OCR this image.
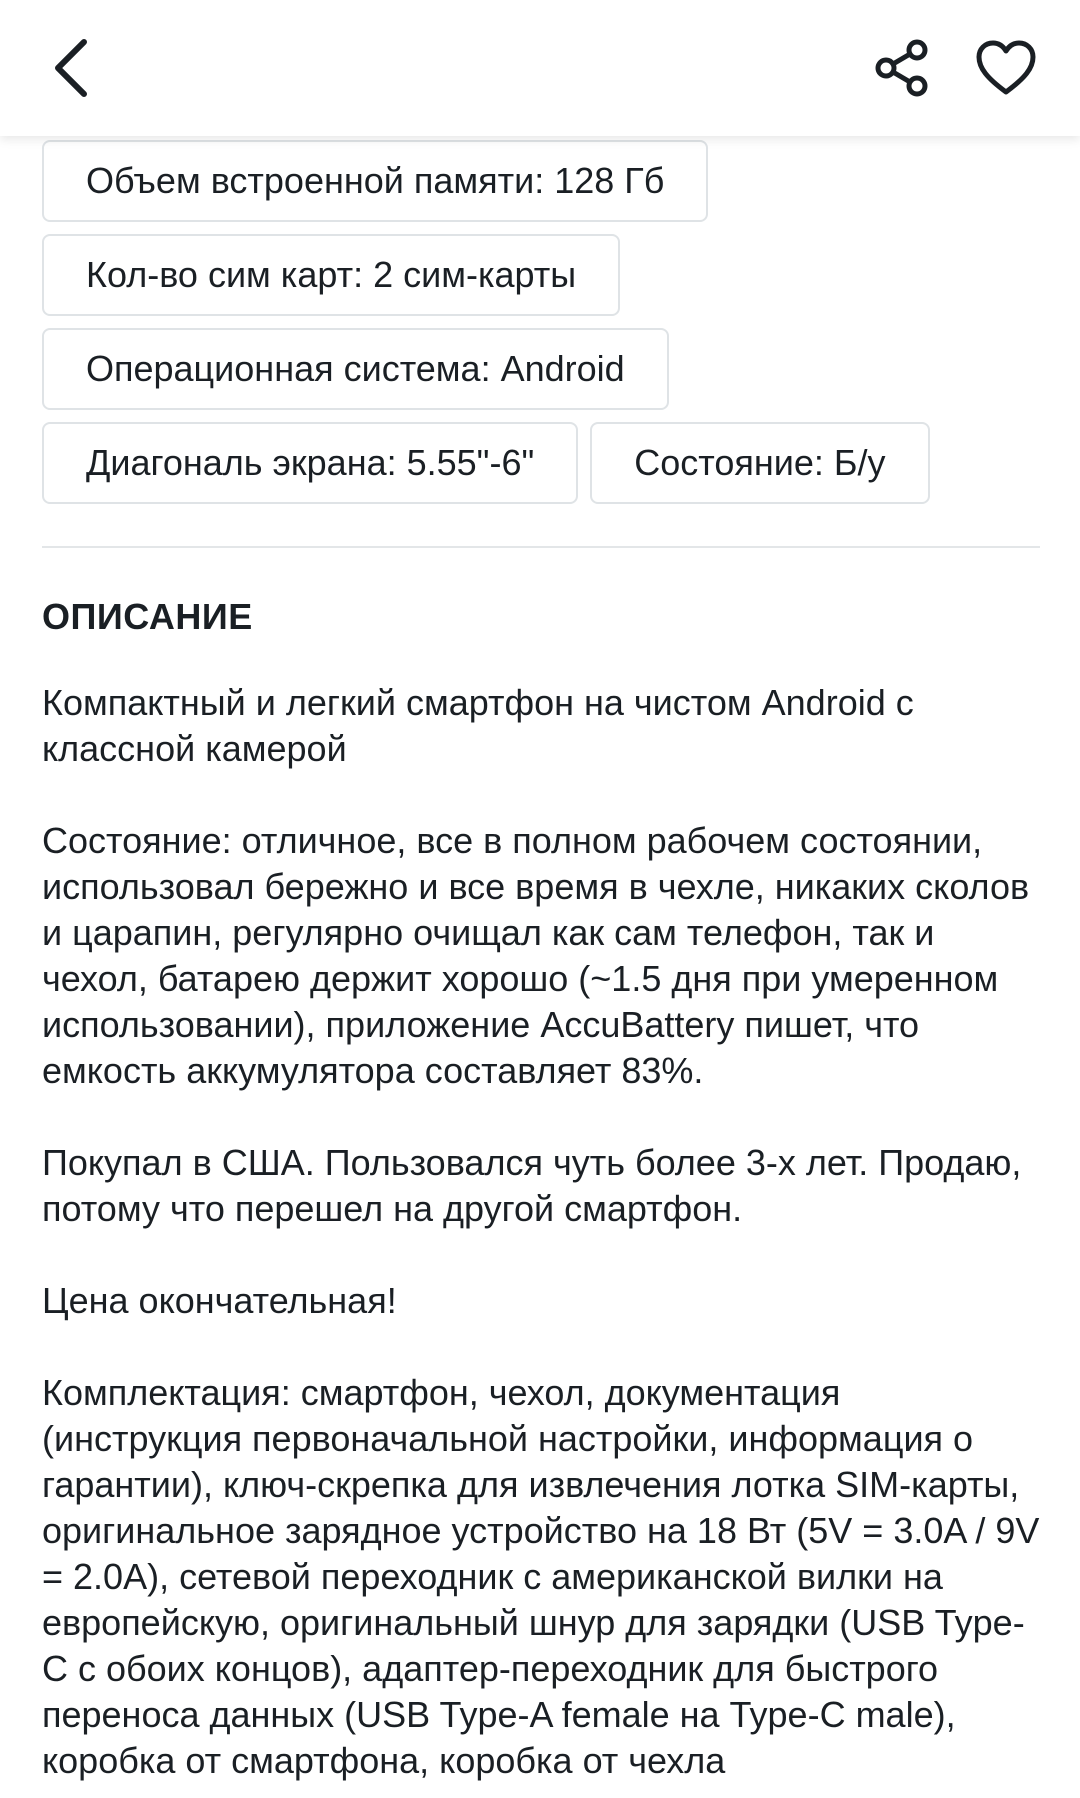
Объем встроенной памяти: 128 Гб
Кол-во сим карт: 2 сим-карты
Операционная система: Android
Диагональ экрана: 5.55"-6"	Состояние: Б/у
ОПИСАНИЕ

Компактный и легкий смартфон на чистом Android с классной камерой

Состояние: отличное, все в полном рабочем состоянии, использовал бережно и все время в чехле, никаких сколов и царапин, регулярно очищал как сам телефон, так и чехол, батарею держит хорошо (~1.5 дня при умеренном использовании), приложение AccuBattery пишет, что емкость аккумулятора составляет 83%.

Покупал в США. Пользовался чуть более 3-х лет. Продаю, потому что перешел на другой смартфон.

Цена окончательная!

Комплектация: смартфон, чехол, документация (инструкция первоначальной настройки, информация о гарантии), ключ-скрепка для извлечения лотка SIM-карты, оригинальное зарядное устройство на 18 Вт (5V = 3.0A / 9V = 2.0A), сетевой переходник с американской вилки на европейскую, оригинальный шнур для зарядки (USB Type-C с обоих концов), адаптер-переходник для быстрого переноса данных (USB Type-A female на Type-C male), коробка от смартфона, коробка от чехла
